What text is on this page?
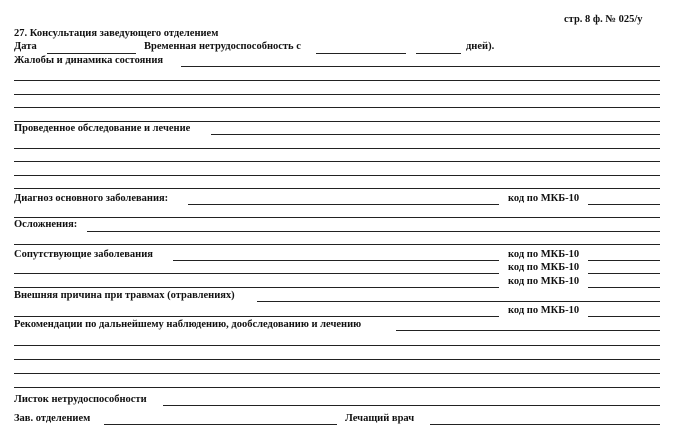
стр. 8 ф. № 025/у
27. Консультация заведующего отделением
Дата	Временная нетрудоспособность с	дней).
Жалобы и динамика состояния
Проведенное обследование и лечение
Диагноз основного заболевания:	код по МКБ-10
Осложнения:
Сопутствующие заболевания	код по МКБ-10
код по МКБ-10
код по МКБ-10
Внешняя причина при травмах (отравлениях)
код по МКБ-10
Рекомендации по дальнейшему наблюдению, дообследованию и лечению
Листок нетрудоспособности
Зав. отделением	Лечащий врач
